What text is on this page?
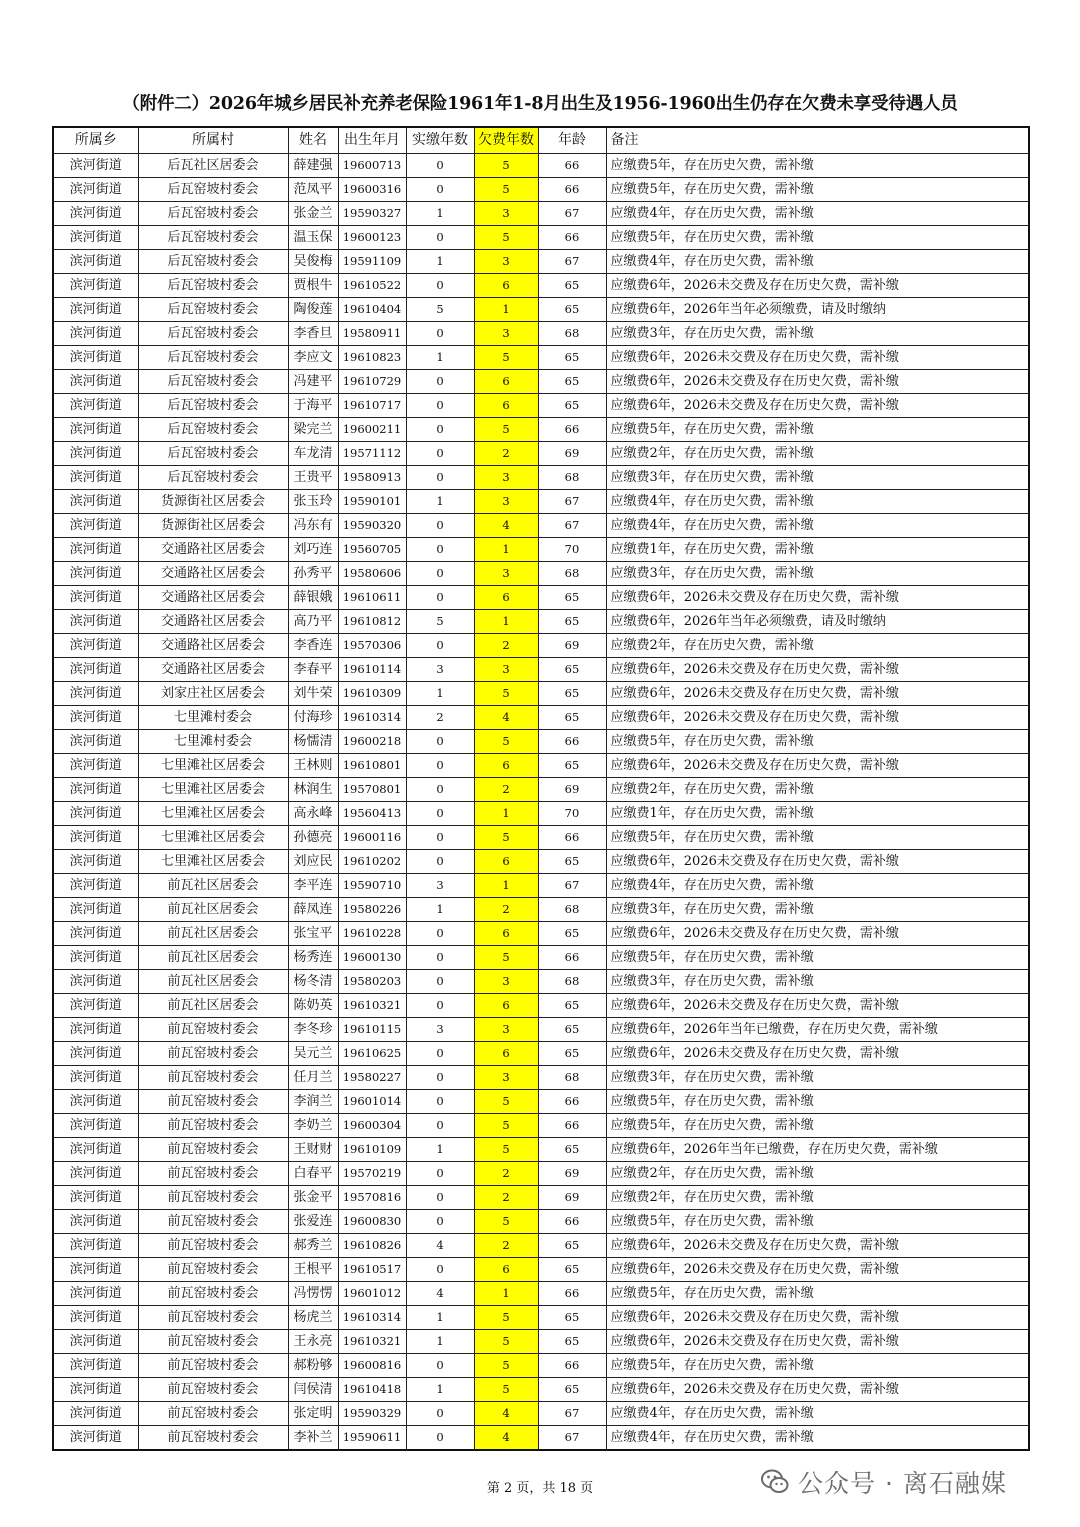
（附件二）2026年城乡居民补充养老保险1961年1-8月出生及1956-1960出生仍存在欠费未享受待遇人员
所属乡	所属村	姓名	出生年月	实缴年数	欠费年数	年龄	备注
滨河街道	后瓦社区居委会	薛建强	19600713	0	5	66	应缴费5年，存在历史欠费，需补缴
滨河街道	后瓦窑坡村委会	范凤平	19600316	0	5	66	应缴费5年，存在历史欠费，需补缴
滨河街道	后瓦窑坡村委会	张金兰	19590327	1	3	67	应缴费4年，存在历史欠费，需补缴
滨河街道	后瓦窑坡村委会	温玉保	19600123	0	5	66	应缴费5年，存在历史欠费，需补缴
滨河街道	后瓦窑坡村委会	吴俊梅	19591109	1	3	67	应缴费4年，存在历史欠费，需补缴
滨河街道	后瓦窑坡村委会	贾根牛	19610522	0	6	65	应缴费6年，2026未交费及存在历史欠费，需补缴
滨河街道	后瓦窑坡村委会	陶俊莲	19610404	5	1	65	应缴费6年，2026年当年必须缴费，请及时缴纳
滨河街道	后瓦窑坡村委会	李香旦	19580911	0	3	68	应缴费3年，存在历史欠费，需补缴
滨河街道	后瓦窑坡村委会	李应文	19610823	1	5	65	应缴费6年，2026未交费及存在历史欠费，需补缴
滨河街道	后瓦窑坡村委会	冯建平	19610729	0	6	65	应缴费6年，2026未交费及存在历史欠费，需补缴
滨河街道	后瓦窑坡村委会	于海平	19610717	0	6	65	应缴费6年，2026未交费及存在历史欠费，需补缴
滨河街道	后瓦窑坡村委会	梁完兰	19600211	0	5	66	应缴费5年，存在历史欠费，需补缴
滨河街道	后瓦窑坡村委会	车龙清	19571112	0	2	69	应缴费2年，存在历史欠费，需补缴
滨河街道	后瓦窑坡村委会	王贵平	19580913	0	3	68	应缴费3年，存在历史欠费，需补缴
滨河街道	货源街社区居委会	张玉玲	19590101	1	3	67	应缴费4年，存在历史欠费，需补缴
滨河街道	货源街社区居委会	冯东有	19590320	0	4	67	应缴费4年，存在历史欠费，需补缴
滨河街道	交通路社区居委会	刘巧连	19560705	0	1	70	应缴费1年，存在历史欠费，需补缴
滨河街道	交通路社区居委会	孙秀平	19580606	0	3	68	应缴费3年，存在历史欠费，需补缴
滨河街道	交通路社区居委会	薛银娥	19610611	0	6	65	应缴费6年，2026未交费及存在历史欠费，需补缴
滨河街道	交通路社区居委会	高乃平	19610812	5	1	65	应缴费6年，2026年当年必须缴费，请及时缴纳
滨河街道	交通路社区居委会	李香连	19570306	0	2	69	应缴费2年，存在历史欠费，需补缴
滨河街道	交通路社区居委会	李春平	19610114	3	3	65	应缴费6年，2026未交费及存在历史欠费，需补缴
滨河街道	刘家庄社区居委会	刘牛荣	19610309	1	5	65	应缴费6年，2026未交费及存在历史欠费，需补缴
滨河街道	七里滩村委会	付海珍	19610314	2	4	65	应缴费6年，2026未交费及存在历史欠费，需补缴
滨河街道	七里滩村委会	杨懦清	19600218	0	5	66	应缴费5年，存在历史欠费，需补缴
滨河街道	七里滩社区居委会	王林则	19610801	0	6	65	应缴费6年，2026未交费及存在历史欠费，需补缴
滨河街道	七里滩社区居委会	林润生	19570801	0	2	69	应缴费2年，存在历史欠费，需补缴
滨河街道	七里滩社区居委会	高永峰	19560413	0	1	70	应缴费1年，存在历史欠费，需补缴
滨河街道	七里滩社区居委会	孙德亮	19600116	0	5	66	应缴费5年，存在历史欠费，需补缴
滨河街道	七里滩社区居委会	刘应民	19610202	0	6	65	应缴费6年，2026未交费及存在历史欠费，需补缴
滨河街道	前瓦社区居委会	李平连	19590710	3	1	67	应缴费4年，存在历史欠费，需补缴
滨河街道	前瓦社区居委会	薛凤连	19580226	1	2	68	应缴费3年，存在历史欠费，需补缴
滨河街道	前瓦社区居委会	张宝平	19610228	0	6	65	应缴费6年，2026未交费及存在历史欠费，需补缴
滨河街道	前瓦社区居委会	杨秀连	19600130	0	5	66	应缴费5年，存在历史欠费，需补缴
滨河街道	前瓦社区居委会	杨冬清	19580203	0	3	68	应缴费3年，存在历史欠费，需补缴
滨河街道	前瓦社区居委会	陈奶英	19610321	0	6	65	应缴费6年，2026未交费及存在历史欠费，需补缴
滨河街道	前瓦窑坡村委会	李冬珍	19610115	3	3	65	应缴费6年，2026年当年已缴费，存在历史欠费，需补缴
滨河街道	前瓦窑坡村委会	吴元兰	19610625	0	6	65	应缴费6年，2026未交费及存在历史欠费，需补缴
滨河街道	前瓦窑坡村委会	任月兰	19580227	0	3	68	应缴费3年，存在历史欠费，需补缴
滨河街道	前瓦窑坡村委会	李润兰	19601014	0	5	66	应缴费5年，存在历史欠费，需补缴
滨河街道	前瓦窑坡村委会	李奶兰	19600304	0	5	66	应缴费5年，存在历史欠费，需补缴
滨河街道	前瓦窑坡村委会	王财财	19610109	1	5	65	应缴费6年，2026年当年已缴费，存在历史欠费，需补缴
滨河街道	前瓦窑坡村委会	白春平	19570219	0	2	69	应缴费2年，存在历史欠费，需补缴
滨河街道	前瓦窑坡村委会	张金平	19570816	0	2	69	应缴费2年，存在历史欠费，需补缴
滨河街道	前瓦窑坡村委会	张爱连	19600830	0	5	66	应缴费5年，存在历史欠费，需补缴
滨河街道	前瓦窑坡村委会	郝秀兰	19610826	4	2	65	应缴费6年，2026未交费及存在历史欠费，需补缴
滨河街道	前瓦窑坡村委会	王根平	19610517	0	6	65	应缴费6年，2026未交费及存在历史欠费，需补缴
滨河街道	前瓦窑坡村委会	冯愣愣	19601012	4	1	66	应缴费5年，存在历史欠费，需补缴
滨河街道	前瓦窑坡村委会	杨虎兰	19610314	1	5	65	应缴费6年，2026未交费及存在历史欠费，需补缴
滨河街道	前瓦窑坡村委会	王永亮	19610321	1	5	65	应缴费6年，2026未交费及存在历史欠费，需补缴
滨河街道	前瓦窑坡村委会	郝粉够	19600816	0	5	66	应缴费5年，存在历史欠费，需补缴
滨河街道	前瓦窑坡村委会	闫侯清	19610418	1	5	65	应缴费6年，2026未交费及存在历史欠费，需补缴
滨河街道	前瓦窑坡村委会	张定明	19590329	0	4	67	应缴费4年，存在历史欠费，需补缴
滨河街道	前瓦窑坡村委会	李补兰	19590611	0	4	67	应缴费4年，存在历史欠费，需补缴
第 2 页，共 18 页	公众号 · 离石融媒
